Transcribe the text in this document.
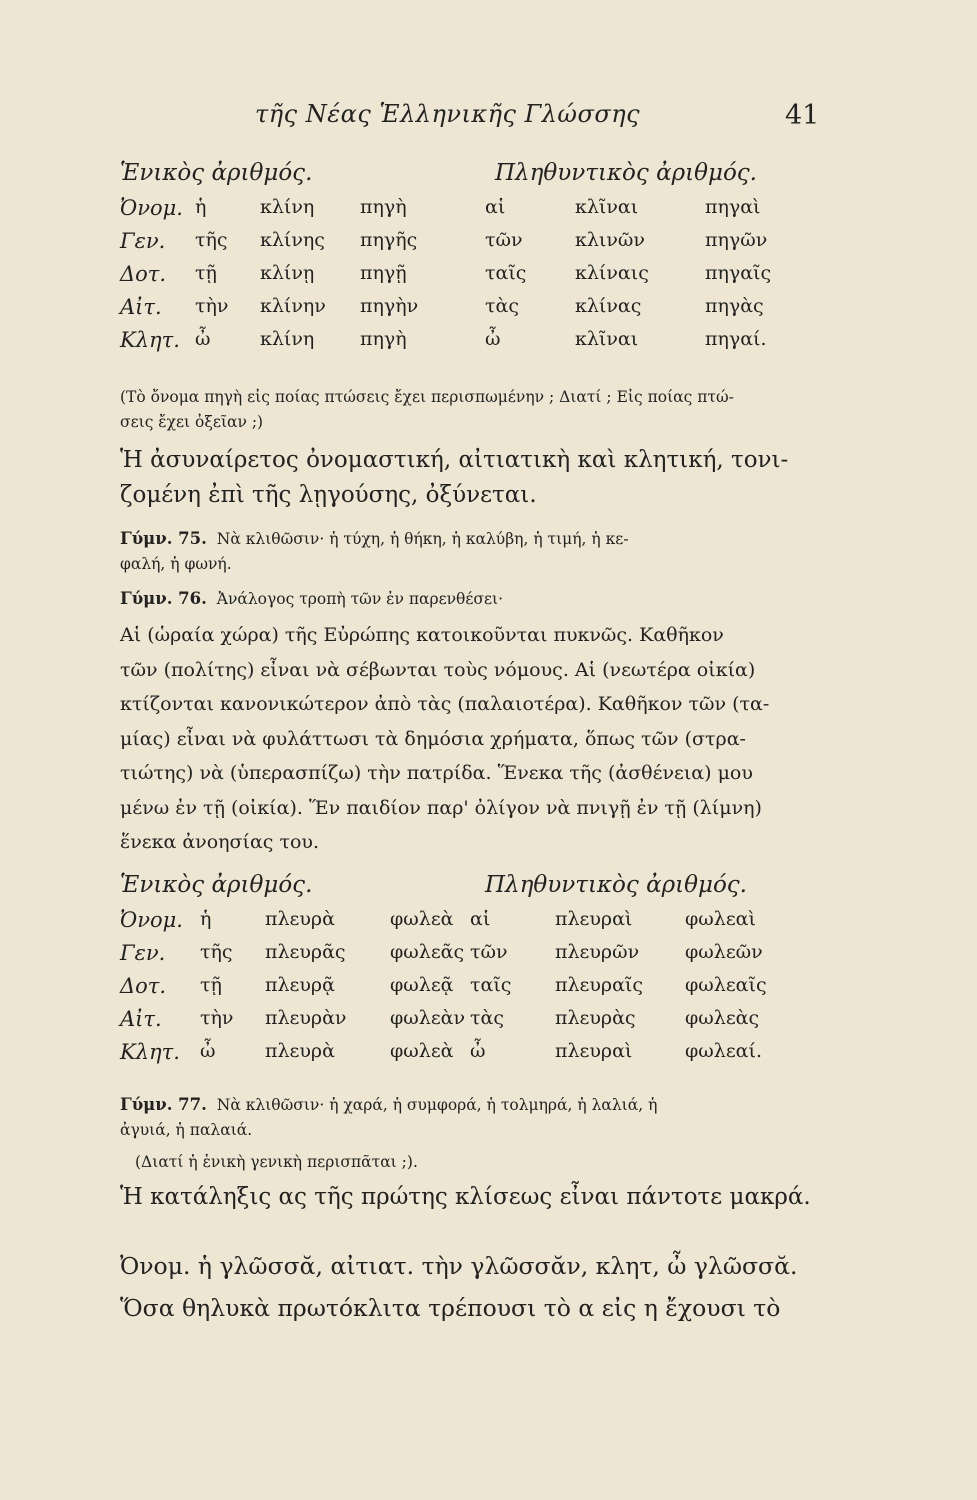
τῆς Νέας Ἑλληνικῆς Γλώσσης	41
Ἑνικὸς ἀριθμός.	Πληθυντικὸς ἀριθμός.
Ὀνομ. ἡ	κλίνη πηγὴ	αἱ	κλῖναι	πηγαὶ
Γεν. τῆς κλίνης πηγῆς	τῶν	κλινῶν	πηγῶν
Δοτ. τῇ κλίνῃ πηγῇ	ταῖς	κλίναις	πηγαῖς
Αἰτ. τὴν κλίνην πηγὴν	τὰς	κλίνας	πηγὰς
Κλητ. ὦ	κλίνη πηγὴ	ὦ	κλῖναι	πηγαί.
(Τὸ ὄνομα πηγὴ εἰς ποίας πτώσεις ἔχει περισπωμένην ; Διατί ; Εἰς ποίας πτώ-
σεις ἔχει ὀξεῖαν ;)
Ἡ ἀσυναίρετος ὀνομαστική, αἰτιατικὴ καὶ κλητική, τονι-
ζομένη ἐπὶ τῆς λῃγούσης, ὀξύνεται.
Γύμν. 75. Νὰ κλιθῶσιν· ἡ τύχη, ἡ θήκη, ἡ καλύβη, ἡ τιμή, ἡ κε-
φαλή, ἡ φωνή.
Γύμν. 76. Ἀνάλογος τροπὴ τῶν ἐν παρενθέσει·
Αἱ (ὡραία χώρα) τῆς Εὐρώπης κατοικοῦνται πυκνῶς. Καθῆκον
τῶν (πολίτης) εἶναι νὰ σέβωνται τοὺς νόμους. Αἱ (νεωτέρα οἰκία)
κτίζονται κανονικώτερον ἀπὸ τὰς (παλαιοτέρα). Καθῆκον τῶν (τα-
μίας) εἶναι νὰ φυλάττωσι τὰ δημόσια χρήματα, ὅπως τῶν (στρα-
τιώτης) νὰ (ὑπερασπίζω) τὴν πατρίδα. Ἕνεκα τῆς (ἀσθένεια) μου
μένω ἐν τῇ (οἰκία). Ἕν παιδίον παρ' ὀλίγον νὰ πνιγῇ ἐν τῇ (λίμνη)
ἕνεκα ἀνοησίας του.
Ἑνικὸς ἀριθμός.	Πληθυντικὸς ἀριθμός.
Ὀνομ. ἡ	πλευρὰ	φωλεὰ αἱ	πλευραὶ	φωλεαὶ
Γεν. τῆς πλευρᾶς φωλεᾶς τῶν πλευρῶν φωλεῶν
Δοτ. τῇ πλευρᾷ	φωλεᾷ ταῖς πλευραῖς φωλεαῖς
Αἰτ. τὴν πλευρὰν φωλεὰν τὰς	πλευρὰς	φωλεὰς
Κλητ. ὦ	πλευρὰ	φωλεὰ ὦ	πλευραὶ	φωλεαί.
Γύμν. 77. Νὰ κλιθῶσιν· ἡ χαρά, ἡ συμφορά, ἡ τολμηρά, ἡ λαλιά, ἡ
ἀγυιά, ἡ παλαιά.
(Διατί ἡ ἑνικὴ γενικὴ περισπᾶται ;).
Ἡ κατάληξις ας τῆς πρώτης κλίσεως εἶναι πάντοτε μακρά.
Ὀνομ. ἡ γλῶσσᾰ, αἰτιατ. τὴν γλῶσσᾰν, κλητ, ὦ γλῶσσᾰ.
Ὅσα θηλυκὰ πρωτόκλιτα τρέπουσι τὸ α εἰς η ἔχουσι τὸ
